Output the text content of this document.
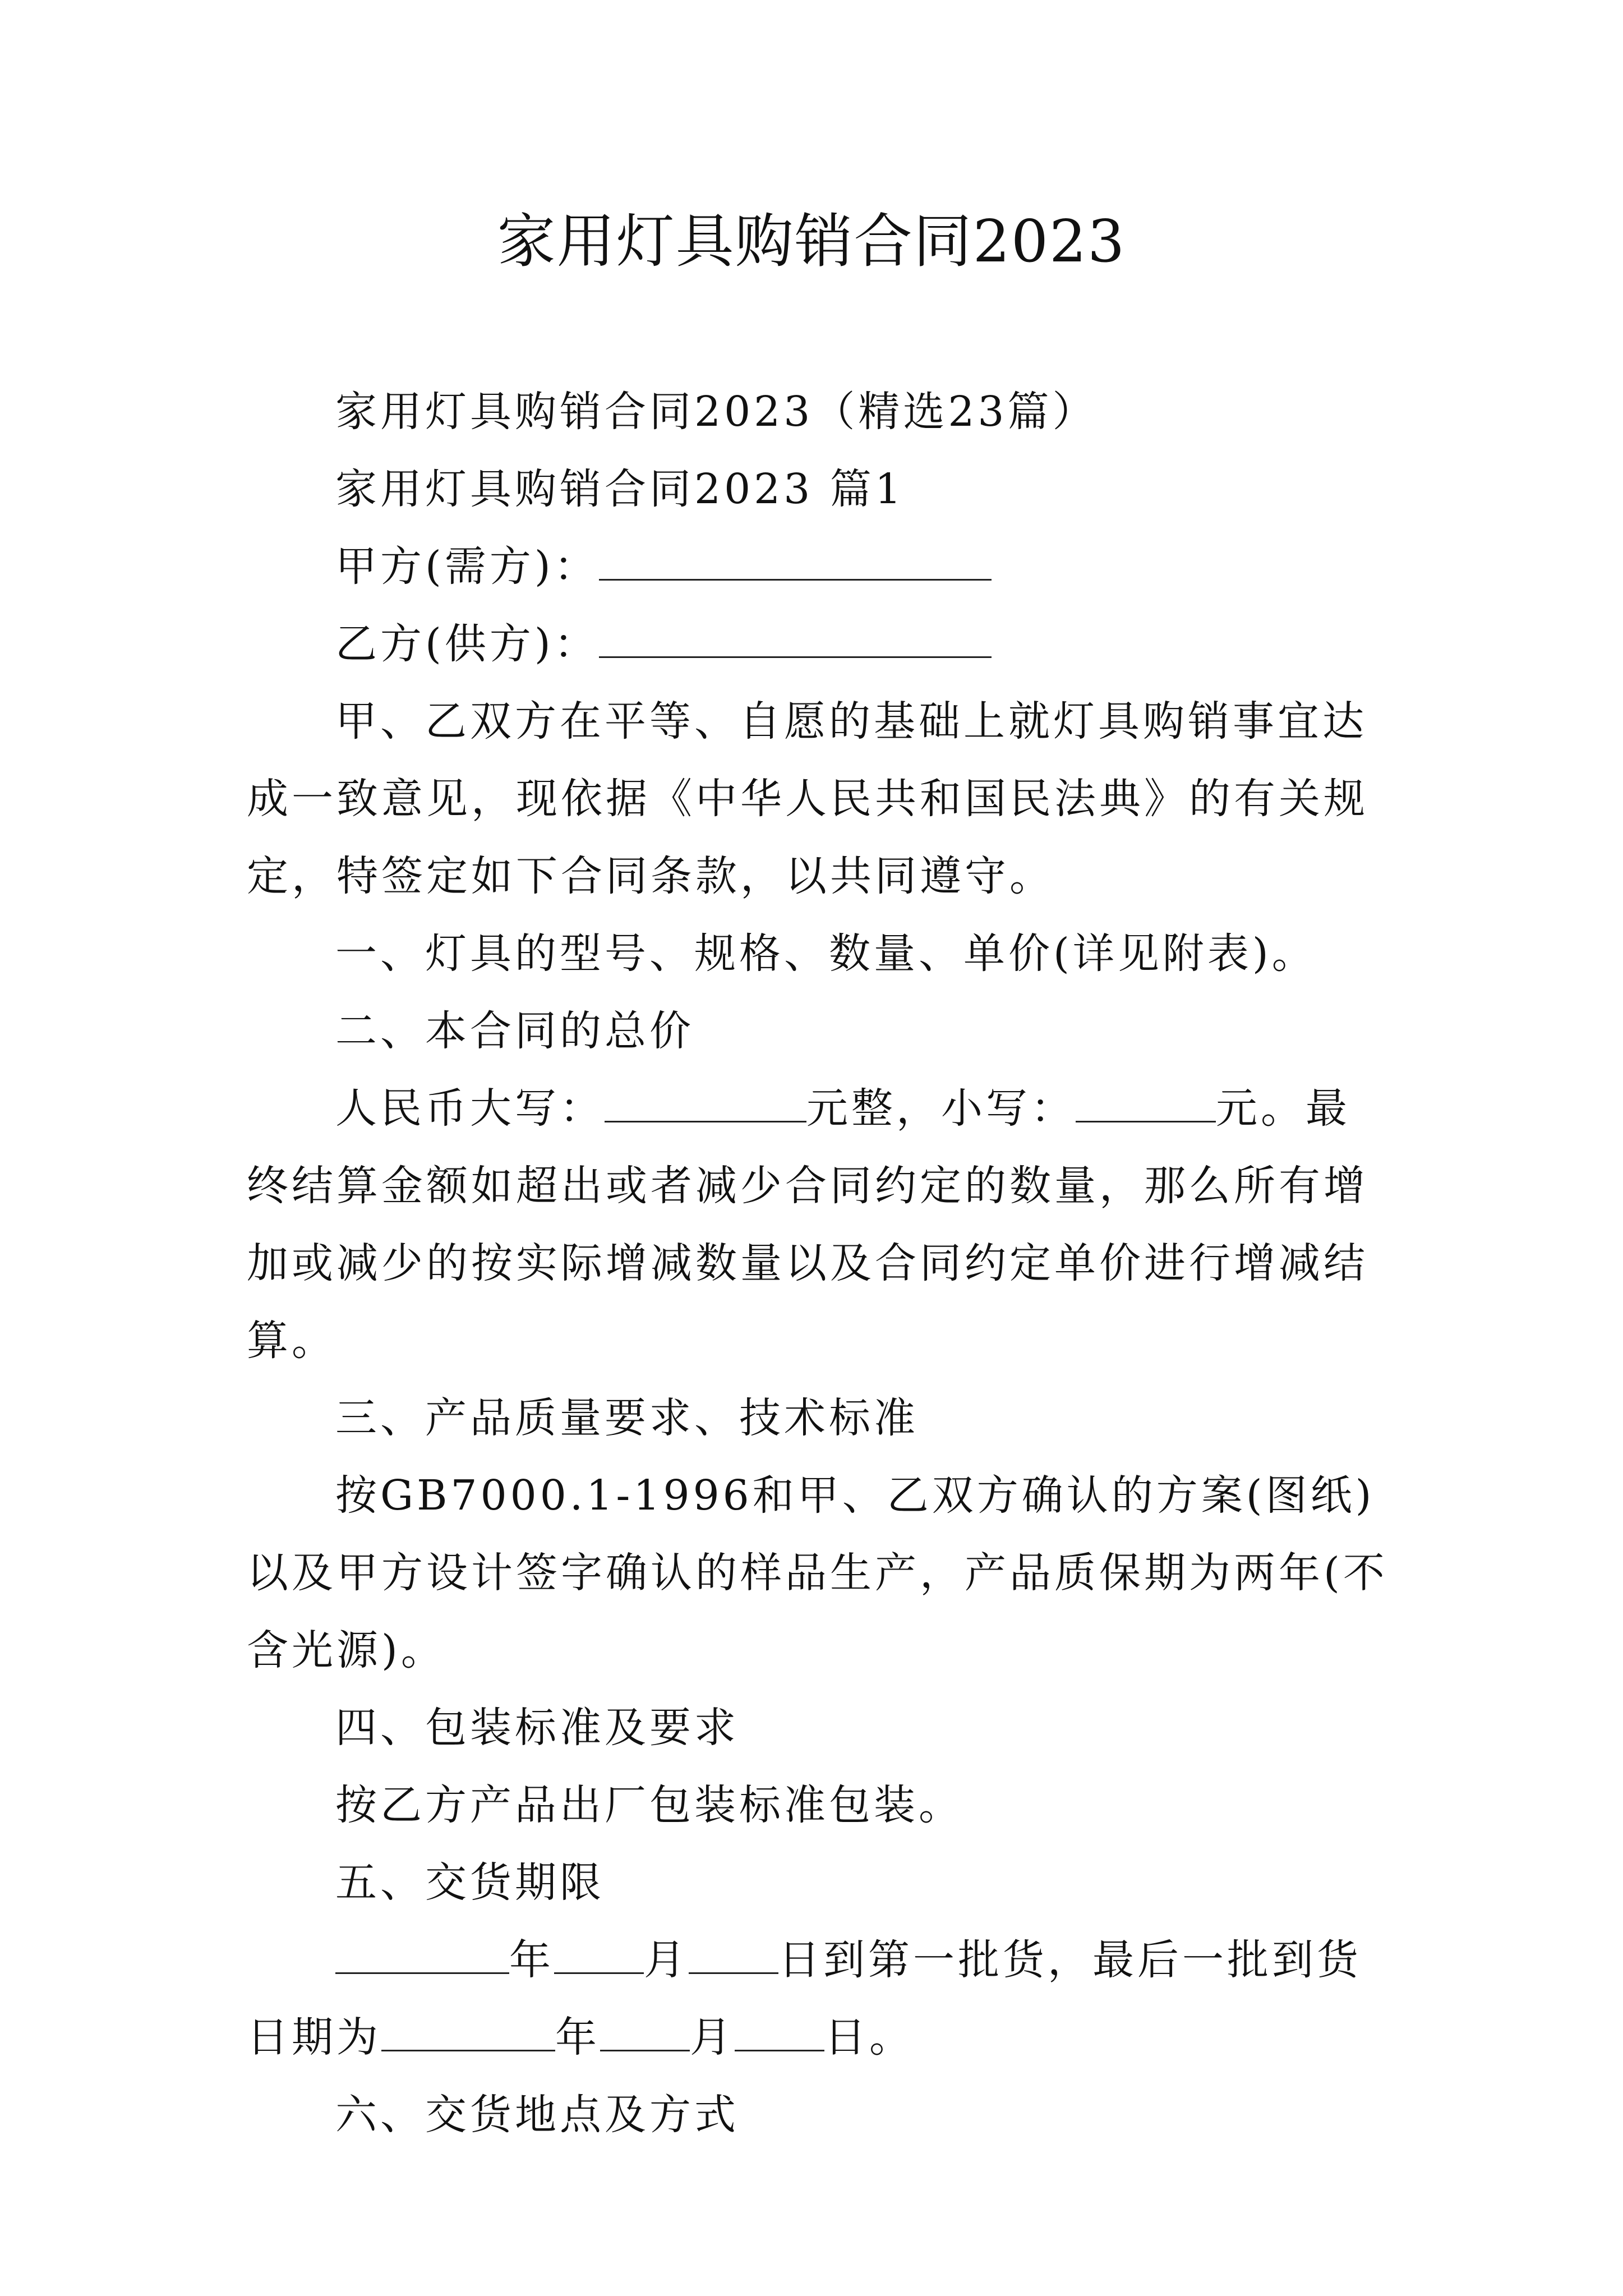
家用灯具购销合同2023

家用灯具购销合同2023（精选23篇）

家用灯具购销合同2023 篇1

甲方(需方)：

乙方(供方)：

甲、乙双方在平等、自愿的基础上就灯具购销事宜达成一致意见，现依据《中华人民共和国民法典》的有关规定，特签定如下合同条款，以共同遵守。

一、灯具的型号、规格、数量、单价(详见附表)。

二、本合同的总价

人民币大写：	元整，小写：	元。最终结算金额如超出或者减少合同约定的数量，那么所有增加或减少的按实际增减数量以及合同约定单价进行增减结算。

三、产品质量要求、技术标准

按GB7000.1-1996和甲、乙双方确认的方案(图纸)以及甲方设计签字确认的样品生产，产品质保期为两年(不含光源)。

四、包装标准及要求

按乙方产品出厂包装标准包装。

五、交货期限

年 月 日到第一批货，最后一批到货日期为	年 月 日。

六、交货地点及方式
